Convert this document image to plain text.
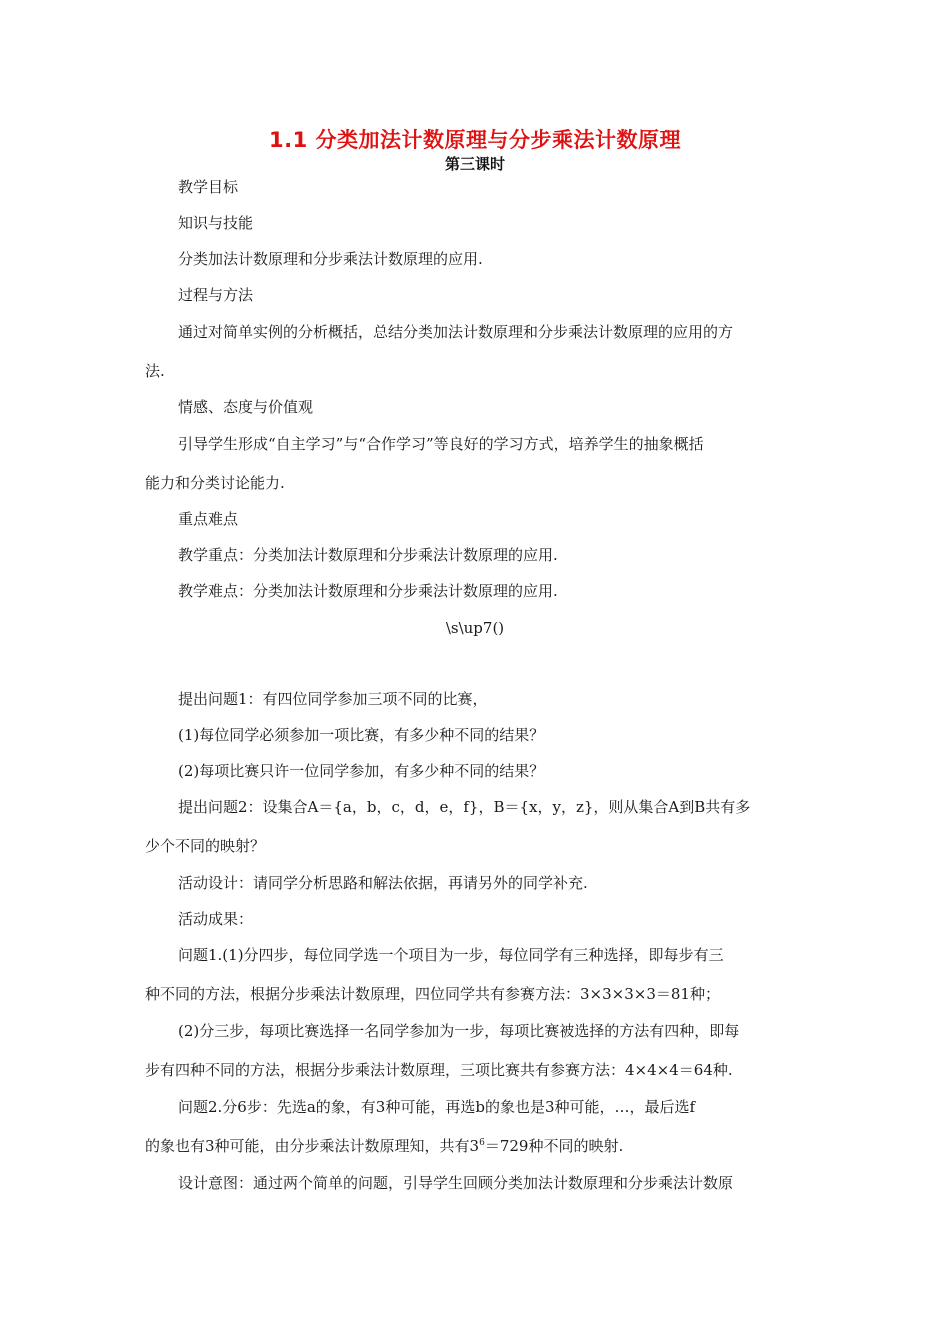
1.1 分类加法计数原理与分步乘法计数原理
第三课时
教学目标
知识与技能
分类加法计数原理和分步乘法计数原理的应用.
过程与方法
通过对简单实例的分析概括，总结分类加法计数原理和分步乘法计数原理的应用的方
法.
情感、态度与价值观
引导学生形成“自主学习”与“合作学习”等良好的学习方式，培养学生的抽象概括
能力和分类讨论能力.
重点难点
教学重点：分类加法计数原理和分步乘法计数原理的应用.
教学难点：分类加法计数原理和分步乘法计数原理的应用.
\s\up7()
提出问题1：有四位同学参加三项不同的比赛，
(1)每位同学必须参加一项比赛，有多少种不同的结果？
(2)每项比赛只许一位同学参加，有多少种不同的结果？
提出问题2：设集合A＝{a，b，c，d，e，f}，B＝{x，y，z}，则从集合A到B共有多
少个不同的映射？
活动设计：请同学分析思路和解法依据，再请另外的同学补充.
活动成果：
问题1.(1)分四步，每位同学选一个项目为一步，每位同学有三种选择，即每步有三
种不同的方法，根据分步乘法计数原理，四位同学共有参赛方法：3×3×3×3＝81种；
(2)分三步，每项比赛选择一名同学参加为一步，每项比赛被选择的方法有四种，即每
步有四种不同的方法，根据分步乘法计数原理，三项比赛共有参赛方法：4×4×4＝64种.
问题2.分6步：先选a的象，有3种可能，再选b的象也是3种可能，…，最后选f
的象也有3种可能，由分步乘法计数原理知，共有$3^6=729$种不同的映射.
设计意图：通过两个简单的问题，引导学生回顾分类加法计数原理和分步乘法计数原
